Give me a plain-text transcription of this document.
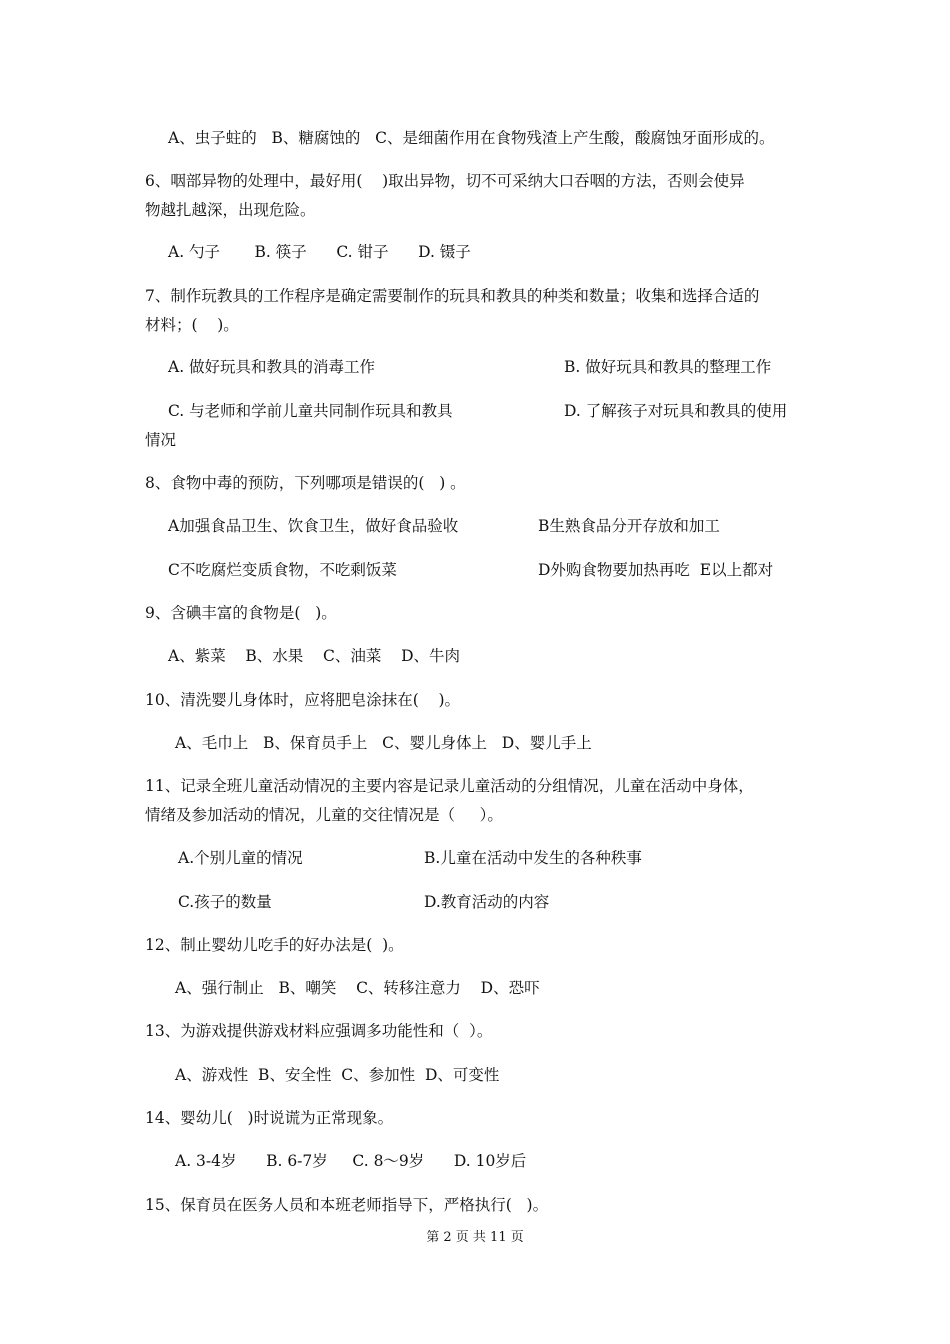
A、虫子蛀的   B、糖腐蚀的   C、是细菌作用在食物残渣上产生酸，酸腐蚀牙面形成的。
6、咽部异物的处理中，最好用(    )取出异物，切不可采纳大口吞咽的方法，否则会使异
物越扎越深，出现危险。
A. 勺子       B. 筷子      C. 钳子      D. 镊子
7、制作玩教具的工作程序是确定需要制作的玩具和教具的种类和数量；收集和选择合适的
材料；(    )。
A. 做好玩具和教具的消毒工作	B. 做好玩具和教具的整理工作
C. 与老师和学前儿童共同制作玩具和教具	D. 了解孩子对玩具和教具的使用
情况
8、食物中毒的预防，下列哪项是错误的(   ) 。
A加强食品卫生、饮食卫生，做好食品验收	B生熟食品分开存放和加工
C不吃腐烂变质食物，不吃剩饭菜	D外购食物要加热再吃  E以上都对
9、含碘丰富的食物是(   )。
A、紫菜    B、水果    C、油菜    D、牛肉
10、清洗婴儿身体时，应将肥皂涂抹在(    )。
A、毛巾上   B、保育员手上   C、婴儿身体上   D、婴儿手上
11、记录全班儿童活动情况的主要内容是记录儿童活动的分组情况，儿童在活动中身体，
情绪及参加活动的情况，儿童的交往情况是（     ）。
A.个别儿童的情况	B.儿童在活动中发生的各种秩事
C.孩子的数量	D.教育活动的内容
12、制止婴幼儿吃手的好办法是(  )。
A、强行制止   B、嘲笑    C、转移注意力    D、恐吓
13、为游戏提供游戏材料应强调多功能性和（  ）。
A、游戏性  B、安全性  C、参加性  D、可变性
14、婴幼儿(   )时说谎为正常现象。
A. 3-4岁      B. 6-7岁     C. 8～9岁      D. 10岁后
15、保育员在医务人员和本班老师指导下，严格执行(   )。
第 2 页 共 11 页
